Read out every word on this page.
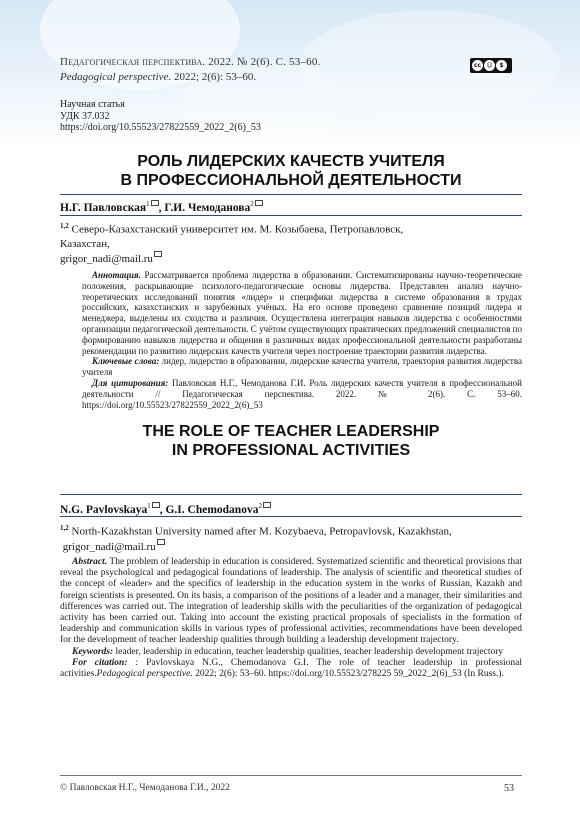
Педагогическая перспектива. 2022. № 2(6). С. 53–60.
Pedagogical perspective. 2022; 2(6): 53–60.
cc ☺	$
Научная статья
УДК 37.032
https://doi.org/10.55523/27822559_2022_2(6)_53
РОЛЬ ЛИДЕРСКИХ КАЧЕСТВ УЧИТЕЛЯ
В ПРОФЕССИОНАЛЬНОЙ ДЕЯТЕЛЬНОСТИ
Н.Г. Павловская$^1$ , Г.И. Чемоданова$^2$
$^{1,2}$ Северо-Казахстанский университет им. М. Козыбаева, Петропавловск,
Казахстан,
grigor_nadi@mail.ru
Аннотация. Рассматривается проблема лидерства в образовании. Систематизированы научно-теоретические положения, раскрывающие психолого-педагогические основы лидерства. Представлен анализ научно-теоретических исследований понятия «лидер» и специфики лидерства в системе образования в трудах российских, казахстанских и зарубежных учёных. На его основе проведено сравнение позиций лидера и менеджера, выделены их сходства и различия. Осуществлена интеграция навыков лидерства с особенностями организации педагогической деятельности. С учётом существующих практических предложений специалистов по формированию навыков лидерства и общения в различных видах профессиональной деятельности разработаны рекомендации по развитию лидерских качеств учителя через построение траектории развития лидерства.
Ключевые слова: лидер, лидерство в образовании, лидерские качества учителя, траектория развития лидерства учителя
Для цитирования: Павловская Н.Г., Чемоданова Г.И. Роль лидерских качеств учителя в профессиональной деятельности // Педагогическая перспектива. 2022. № 2(6). С. 53–60. https://doi.org/10.55523/27822559_2022_2(6)_53
THE ROLE OF TEACHER LEADERSHIP
IN PROFESSIONAL ACTIVITIES
N.G. Pavlovskaya$^1$ , G.I. Chemodanova$^2$
$^{1,2}$ North-Kazakhstan University named after M. Kozybaeva, Petropavlovsk, Kazakhstan,
grigor_nadi@mail.ru
Abstract. The problem of leadership in education is considered. Systematized scientific and theoretical provisions that reveal the psychological and pedagogical foundations of leadership. The analysis of scientific and theoretical studies of the concept of «leader» and the specifics of leadership in the education system in the works of Russian, Kazakh and foreign scientists is presented. On its basis, a comparison of the positions of a leader and a manager, their similarities and differences was carried out. The integration of leadership skills with the peculiarities of the organization of pedagogical activity has been carried out. Taking into account the existing practical proposals of specialists in the formation of leadership and communication skills in various types of professional activities, recommendations have been developed for the development of teacher leadership qualities through building a leadership development trajectory.
Keywords: leader, leadership in education, teacher leadership qualities, teacher leadership development trajectory
For citation: : Pavlovskaya N.G., Chemodanova G.I. The role of teacher leadership in professional activities.Pedagogical perspective. 2022; 2(6): 53–60. https://doi.org/10.55523/278225 59_2022_2(6)_53 (In Russ.).
© Павловская Н.Г., Чемоданова Г.И., 2022	53
